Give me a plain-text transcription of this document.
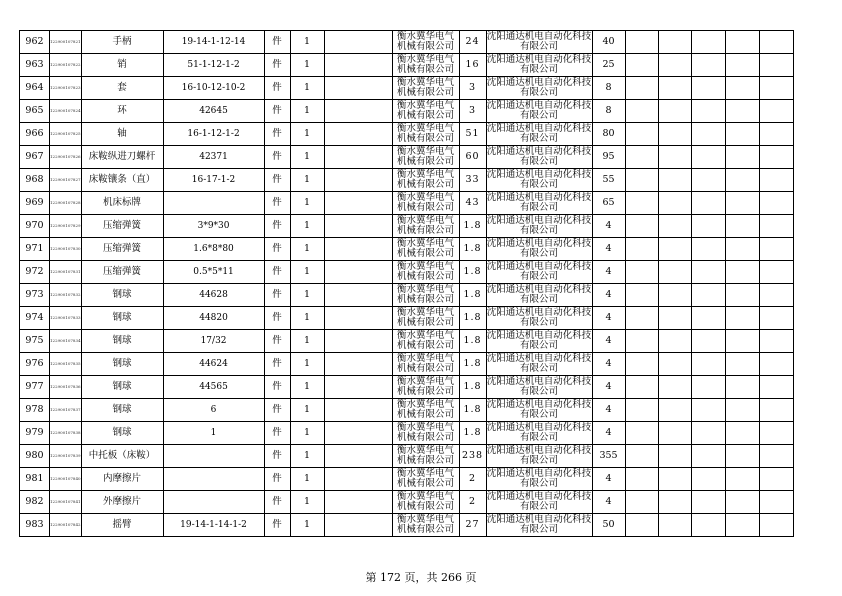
962	122900107821	手柄	19-14-1-12-14	件	1		衡水冀华电气机械有限公司	24	沈阳通达机电自动化科技有限公司	40					
963	122900107822	销	51-1-12-1-2	件	1		衡水冀华电气机械有限公司	16	沈阳通达机电自动化科技有限公司	25					
964	122900107823	套	16-10-12-10-2	件	1		衡水冀华电气机械有限公司	3	沈阳通达机电自动化科技有限公司	8					
965	122900107824	环	42645	件	1		衡水冀华电气机械有限公司	3	沈阳通达机电自动化科技有限公司	8					
966	122900107825	轴	16-1-12-1-2	件	1		衡水冀华电气机械有限公司	51	沈阳通达机电自动化科技有限公司	80					
967	122900107826	床鞍纵进刀螺杆	42371	件	1		衡水冀华电气机械有限公司	60	沈阳通达机电自动化科技有限公司	95					
968	122900107827	床鞍镶条（直）	16-17-1-2	件	1		衡水冀华电气机械有限公司	33	沈阳通达机电自动化科技有限公司	55					
969	122900107828	机床标牌		件	1		衡水冀华电气机械有限公司	43	沈阳通达机电自动化科技有限公司	65					
970	122900107829	压缩弹簧	3*9*30	件	1		衡水冀华电气机械有限公司	1.8	沈阳通达机电自动化科技有限公司	4					
971	122900107830	压缩弹簧	1.6*8*80	件	1		衡水冀华电气机械有限公司	1.8	沈阳通达机电自动化科技有限公司	4					
972	122900107831	压缩弹簧	0.5*5*11	件	1		衡水冀华电气机械有限公司	1.8	沈阳通达机电自动化科技有限公司	4					
973	122900107832	钢球	44628	件	1		衡水冀华电气机械有限公司	1.8	沈阳通达机电自动化科技有限公司	4					
974	122900107833	钢球	44820	件	1		衡水冀华电气机械有限公司	1.8	沈阳通达机电自动化科技有限公司	4					
975	122900107834	钢球	17/32	件	1		衡水冀华电气机械有限公司	1.8	沈阳通达机电自动化科技有限公司	4					
976	122900107835	钢球	44624	件	1		衡水冀华电气机械有限公司	1.8	沈阳通达机电自动化科技有限公司	4					
977	122900107836	钢球	44565	件	1		衡水冀华电气机械有限公司	1.8	沈阳通达机电自动化科技有限公司	4					
978	122900107837	钢球	6	件	1		衡水冀华电气机械有限公司	1.8	沈阳通达机电自动化科技有限公司	4					
979	122900107838	钢球	1	件	1		衡水冀华电气机械有限公司	1.8	沈阳通达机电自动化科技有限公司	4					
980	122900107839	中托板（床鞍）		件	1		衡水冀华电气机械有限公司	238	沈阳通达机电自动化科技有限公司	355					
981	122900107840	内摩擦片		件	1		衡水冀华电气机械有限公司	2	沈阳通达机电自动化科技有限公司	4					
982	122900107841	外摩擦片		件	1		衡水冀华电气机械有限公司	2	沈阳通达机电自动化科技有限公司	4					
983	122900107842	摇臂	19-14-1-14-1-2	件	1		衡水冀华电气机械有限公司	27	沈阳通达机电自动化科技有限公司	50					
第 172 页，共 266 页
